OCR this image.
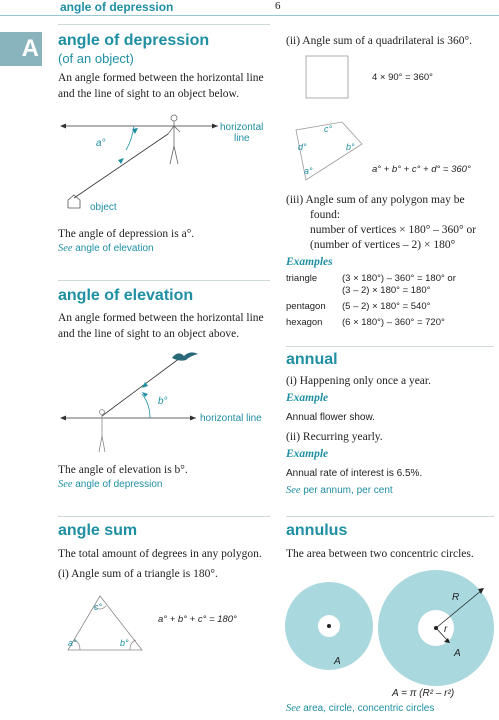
angle of depression	6
A angle of depression
(of an object)
An angle formed between the horizontal line
and the line of sight to an object below.
horizontal
line
a°
object
The angle of depression is a°.
See angle of elevation
angle of elevation
An angle formed between the horizontal line
and the line of sight to an object above.
b°
horizontal line
The angle of elevation is b°.
See angle of depression
angle sum
The total amount of degrees in any polygon.
(i) Angle sum of a triangle is 180°.
c°
a°	b°
a° + b° + c° = 180°
(ii) Angle sum of a quadrilateral is 360°.
4 × 90° = 360°
c°
d°	b°
a°	a° + b° + c° + d° = 360°
(iii) Angle sum of any polygon may be
found:
number of vertices × 180° – 360° or
(number of vertices – 2) × 180°
Examples
triangle	(3 × 180°) – 360° = 180° or
(3 – 2) × 180° = 180°
pentagon (5 – 2) × 180° = 540°
hexagon (6 × 180°) – 360° = 720°
annual
(i) Happening only once a year.
Example
Annual flower show.
(ii) Recurring yearly.
Example
Annual rate of interest is 6.5%.
See per annum, per cent
annulus
The area between two concentric circles.
A
R
r
A
A = π (R² – r²)
See area, circle, concentric circles
